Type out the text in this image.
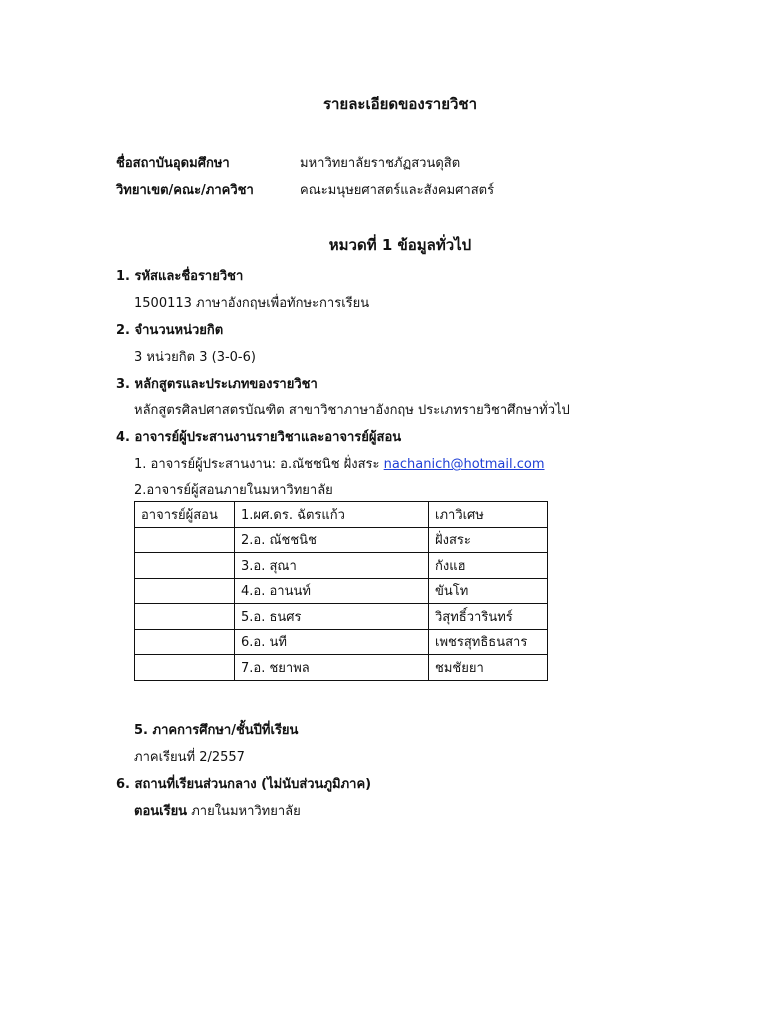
รายละเอียดของรายวิชา
ชื่อสถาบันอุดมศึกษา	มหาวิทยาลัยราชภัฏสวนดุสิต
วิทยาเขต/คณะ/ภาควิชา	คณะมนุษยศาสตร์และสังคมศาสตร์
หมวดที่ 1 ข้อมูลทั่วไป
1. รหัสและชื่อรายวิชา
1500113 ภาษาอังกฤษเพื่อทักษะการเรียน
2. จำนวนหน่วยกิต
3 หน่วยกิต 3 (3-0-6)
3. หลักสูตรและประเภทของรายวิชา
หลักสูตรศิลปศาสตรบัณฑิต สาขาวิชาภาษาอังกฤษ ประเภทรายวิชาศึกษาทั่วไป
4. อาจารย์ผู้ประสานงานรายวิชาและอาจารย์ผู้สอน
1. อาจารย์ผู้ประสานงาน: อ.ณัชชนิช ฝั่งสระ nachanich@hotmail.com
2.อาจารย์ผู้สอนภายในมหาวิทยาลัย
อาจารย์ผู้สอน	1.ผศ.ดร. ฉัตรแก้ว	เภาวิเศษ
	2.อ. ณัชชนิช	ฝั่งสระ
	3.อ. สุณา	กังแฮ
	4.อ. อานนท์	ขันโท
	5.อ. ธนศร	วิสุทธิ์วารินทร์
	6.อ. นที	เพชรสุทธิธนสาร
	7.อ. ชยาพล	ชมชัยยา
5. ภาคการศึกษา/ชั้นปีที่เรียน
ภาคเรียนที่ 2/2557
6. สถานที่เรียนส่วนกลาง (ไม่นับส่วนภูมิภาค)
ตอนเรียน ภายในมหาวิทยาลัย
